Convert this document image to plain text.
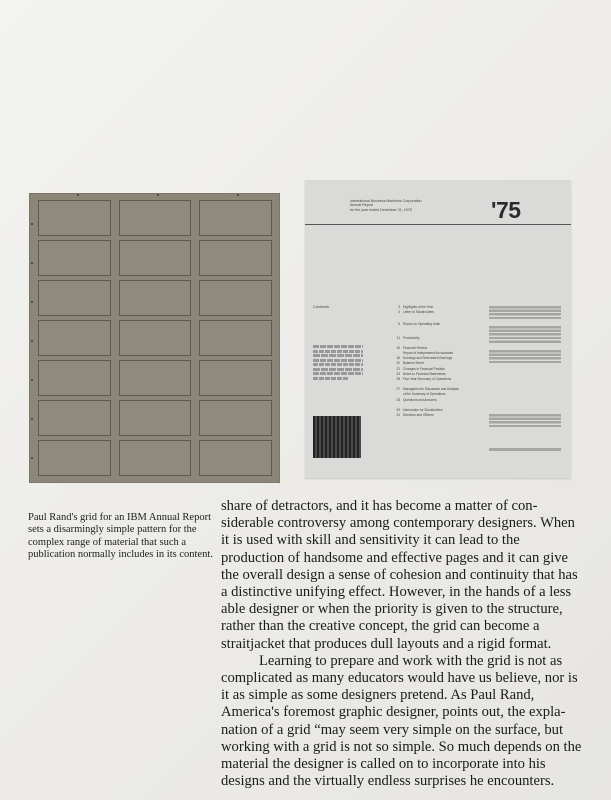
International Business Machines Corporation
Annual Report
for the year ended December 31, 1975	'75
Contents	2 Highlights of the Year
3 Letter to Stockholders
6 Report on Operating Units
11 Productivity
15 Financial Review
Report of Independent Accountants
18 Earnings and Reinvested Earnings
20 Balance Sheet
22 Changes in Financial Position
23 Notes to Financial Statements
28 Five-Year Summary of Operations
27 Management's Discussion and Analysis
of the Summary of Operations
28 Questions and Answers
29 Information for Stockholders
31 Directors and Officers
Paul Rand's grid for an IBM Annual Report sets a disarmingly simple pattern for the complex range of material that such a publication normally includes in its content.
share of detractors, and it has become a matter of con-
siderable controversy among contemporary designers. When
it is used with skill and sensitivity it can lead to the
production of handsome and effective pages and it can give
the overall design a sense of cohesion and continuity that has
a distinctive unifying effect. However, in the hands of a less
able designer or when the priority is given to the structure,
rather than the creative concept, the grid can become a
straitjacket that produces dull layouts and a rigid format.
Learning to prepare and work with the grid is not as
complicated as many educators would have us believe, nor is
it as simple as some designers pretend. As Paul Rand,
America's foremost graphic designer, points out, the expla-
nation of a grid “may seem very simple on the surface, but
working with a grid is not so simple. So much depends on the
material the designer is called on to incorporate into his
designs and the virtually endless surprises he encounters.
